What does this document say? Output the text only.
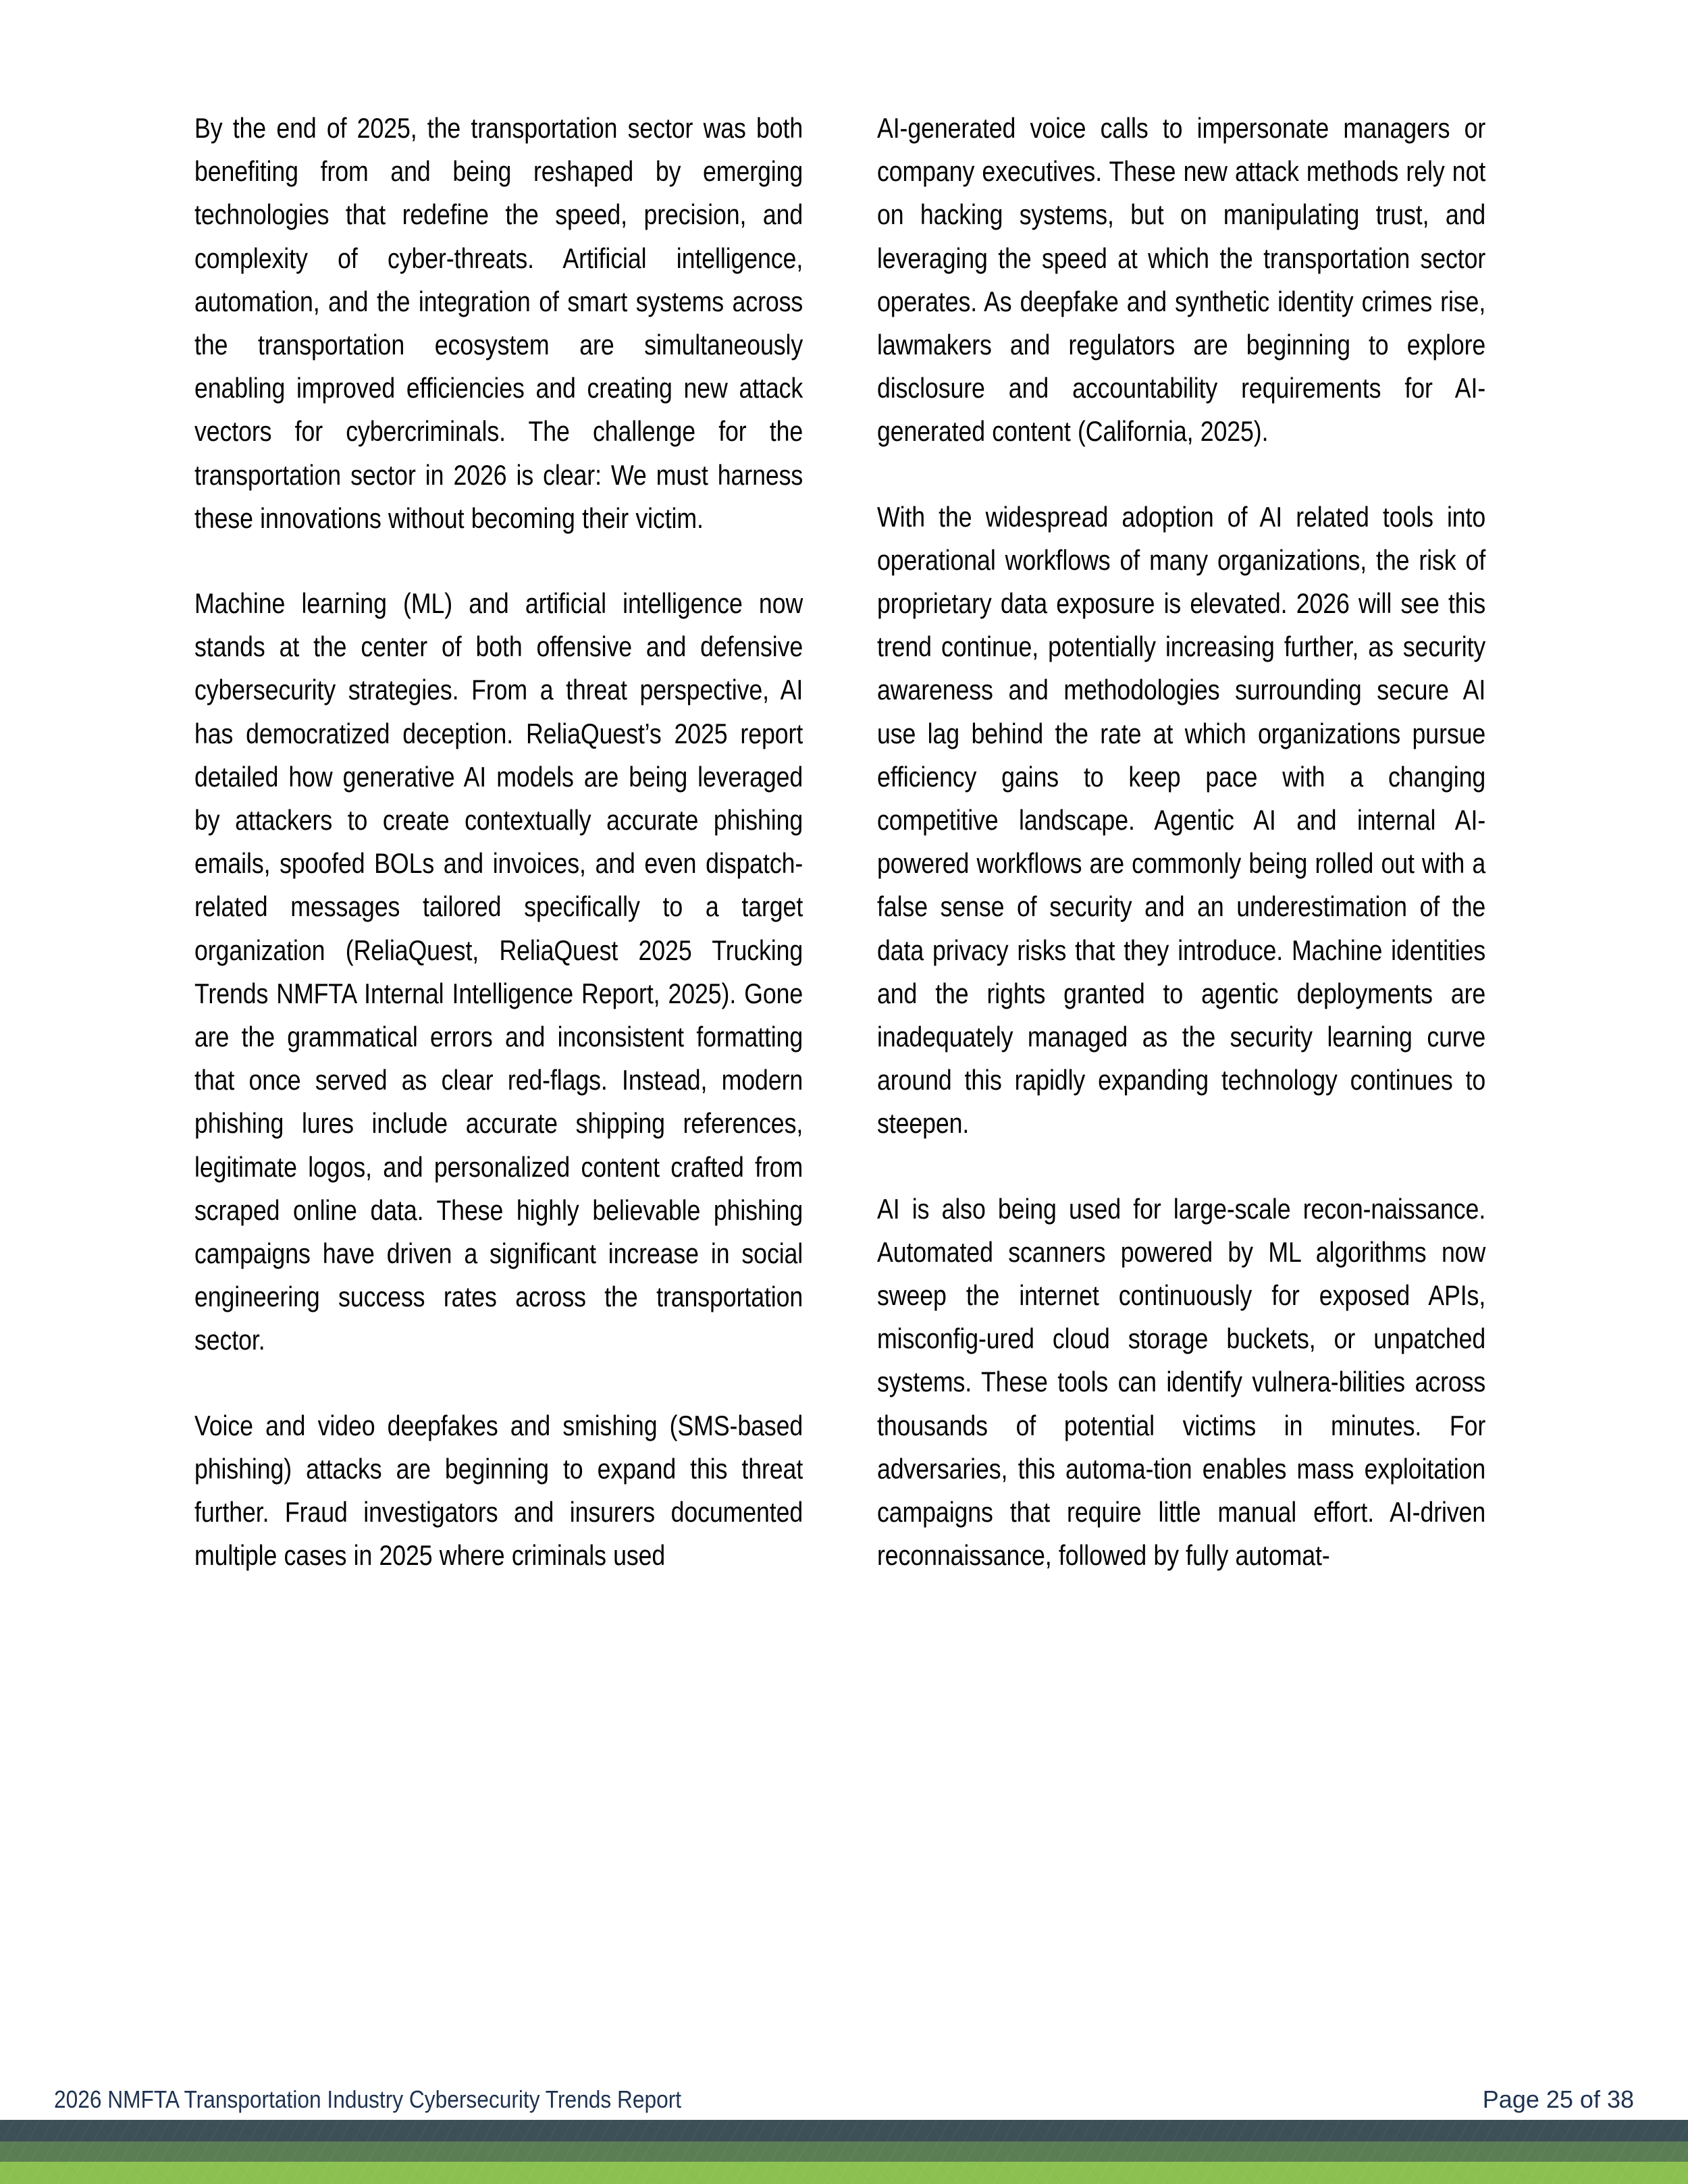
By the end of 2025, the transportation sector was both benefiting from and being reshaped by emerging technologies that redefine the speed, precision, and complexity of cyber-threats. Artificial intelligence, automation, and the integration of smart systems across the transportation ecosystem are simultaneously enabling improved efficiencies and creating new attack vectors for cybercriminals. The challenge for the transportation sector in 2026 is clear: We must harness these innovations without becoming their victim.

Machine learning (ML) and artificial intelligence now stands at the center of both offensive and defensive cybersecurity strategies. From a threat perspective, AI has democratized deception. ReliaQuest’s 2025 report detailed how generative AI models are being leveraged by attackers to create contextually accurate phishing emails, spoofed BOLs and invoices, and even dispatch-related messages tailored specifically to a target organization (ReliaQuest, ReliaQuest 2025 Trucking Trends NMFTA Internal Intelligence Report, 2025). Gone are the grammatical errors and inconsistent formatting that once served as clear red-flags. Instead, modern phishing lures include accurate shipping references, legitimate logos, and personalized content crafted from scraped online data. These highly believable phishing campaigns have driven a significant increase in social engineering success rates across the transportation sector.

Voice and video deepfakes and smishing (SMS-based phishing) attacks are beginning to expand this threat further. Fraud investigators and insurers documented multiple cases in 2025 where criminals used

AI-generated voice calls to impersonate managers or company executives. These new attack methods rely not on hacking systems, but on manipulating trust, and leveraging the speed at which the transportation sector operates. As deepfake and synthetic identity crimes rise, lawmakers and regulators are beginning to explore disclosure and accountability requirements for AI-generated content (California, 2025).

With the widespread adoption of AI related tools into operational workflows of many organizations, the risk of proprietary data exposure is elevated. 2026 will see this trend continue, potentially increasing further, as security awareness and methodologies surrounding secure AI use lag behind the rate at which organizations pursue efficiency gains to keep pace with a changing competitive landscape. Agentic AI and internal AI-powered workflows are commonly being rolled out with a false sense of security and an underestimation of the data privacy risks that they introduce. Machine identities and the rights granted to agentic deployments are inadequately managed as the security learning curve around this rapidly expanding technology continues to steepen.

AI is also being used for large-scale recon-naissance. Automated scanners powered by ML algorithms now sweep the internet continuously for exposed APIs, misconfig-ured cloud storage buckets, or unpatched systems. These tools can identify vulnera-bilities across thousands of potential victims in minutes. For adversaries, this automa-tion enables mass exploitation campaigns that require little manual effort. AI-driven reconnaissance, followed by fully automat-

2026 NMFTA Transportation Industry Cybersecurity Trends Report	Page 25 of 38
